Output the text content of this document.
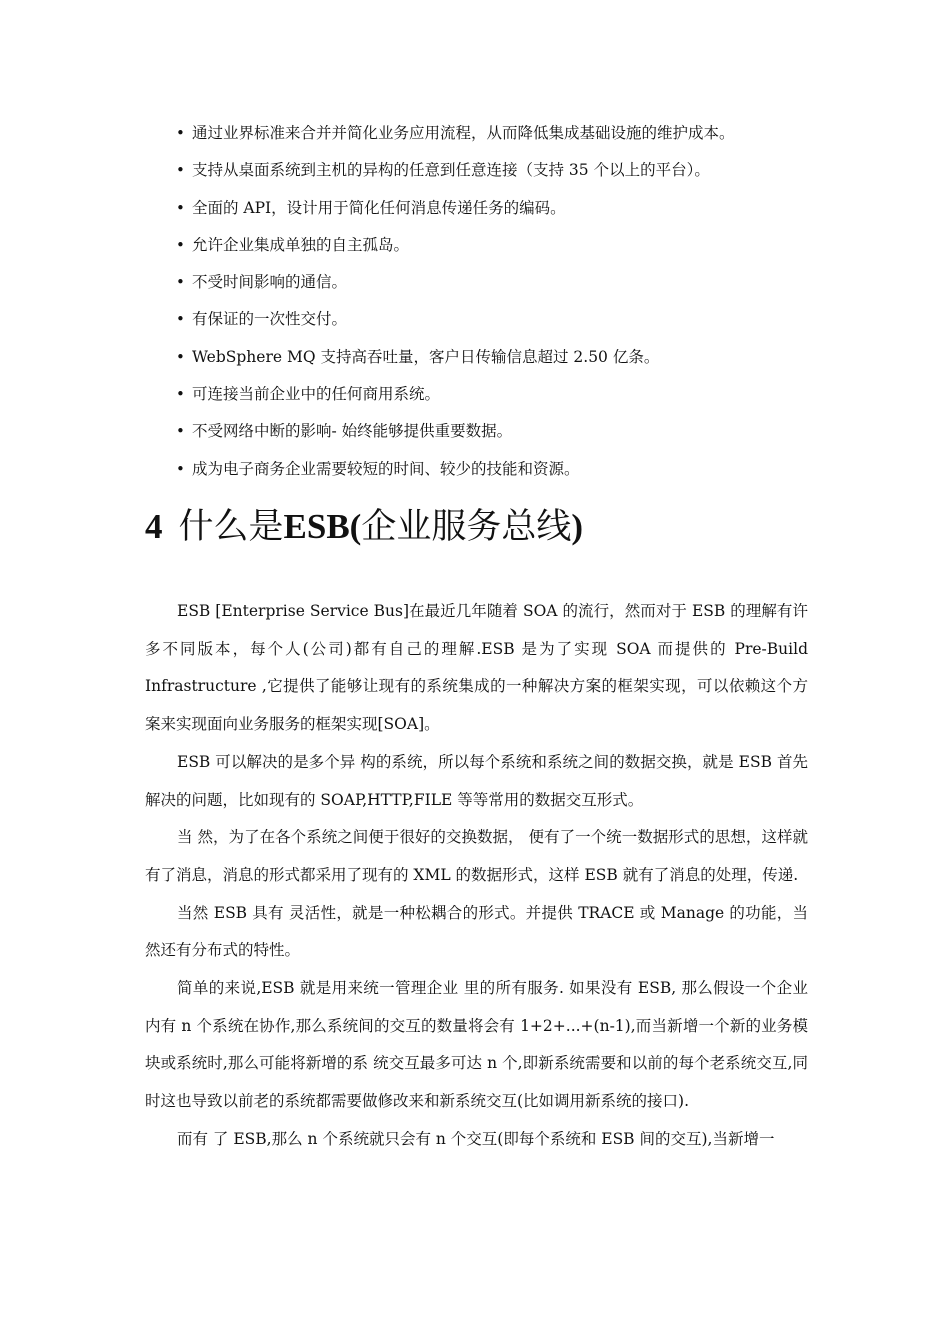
• 通过业界标准来合并并简化业务应用流程，从而降低集成基础设施的维护成本。
• 支持从桌面系统到主机的异构的任意到任意连接（支持 35 个以上的平台）。
• 全面的 API，设计用于简化任何消息传递任务的编码。
• 允许企业集成单独的自主孤岛。
• 不受时间影响的通信。
• 有保证的一次性交付。
• WebSphere MQ 支持高吞吐量，客户日传输信息超过 2.50 亿条。
• 可连接当前企业中的任何商用系统。
• 不受网络中断的影响- 始终能够提供重要数据。
• 成为电子商务企业需要较短的时间、较少的技能和资源。
4 什么是ESB(企业服务总线)

ESB [Enterprise Service Bus]在最近几年随着 SOA 的流行，然而对于 ESB 的理解有许多不同版本，每个人(公司)都有自己的理解.ESB 是为了实现 SOA 而提供的 Pre-Build Infrastructure ,它提供了能够让现有的系统集成的一种解决方案的框架实现，可以依赖这个方案来实现面向业务服务的框架实现[SOA]。

ESB 可以解决的是多个异 构的系统，所以每个系统和系统之间的数据交换，就是 ESB 首先解决的问题，比如现有的 SOAP,HTTP,FILE 等等常用的数据交互形式。

当 然，为了在各个系统之间便于很好的交换数据， 便有了一个统一数据形式的思想，这样就有了消息，消息的形式都采用了现有的 XML 的数据形式，这样 ESB 就有了消息的处理，传递.

当然 ESB 具有 灵活性，就是一种松耦合的形式。并提供 TRACE 或 Manage 的功能，当然还有分布式的特性。

简单的来说,ESB 就是用来统一管理企业 里的所有服务. 如果没有 ESB, 那么假设一个企业内有 n 个系统在协作,那么系统间的交互的数量将会有 1+2+...+(n-1),而当新增一个新的业务模块或系统时,那么可能将新增的系 统交互最多可达 n 个,即新系统需要和以前的每个老系统交互,同时这也导致以前老的系统都需要做修改来和新系统交互(比如调用新系统的接口).

而有 了 ESB,那么 n 个系统就只会有 n 个交互(即每个系统和 ESB 间的交互),当新增一
